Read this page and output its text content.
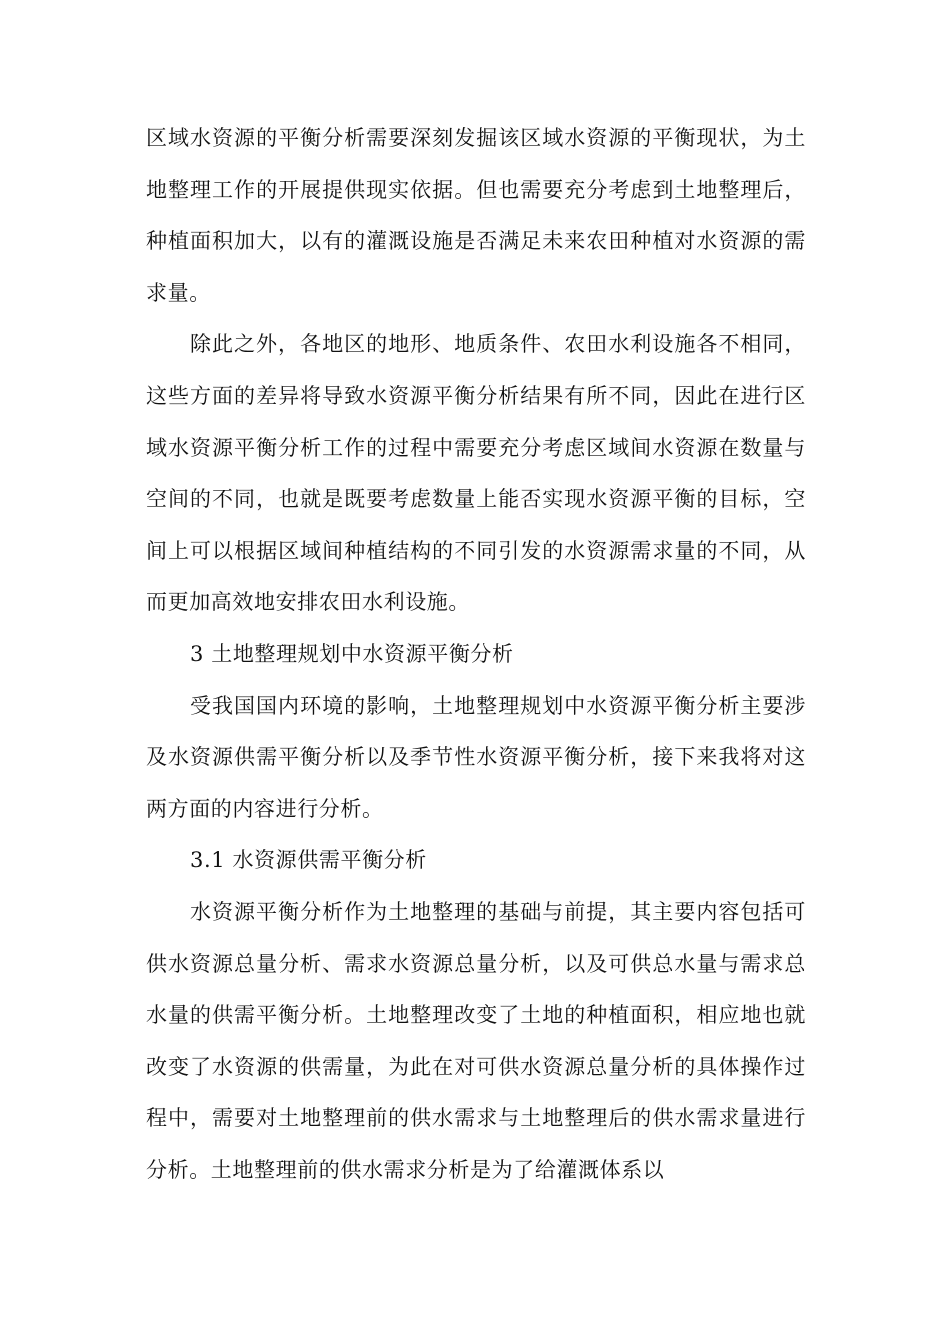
区域水资源的平衡分析需要深刻发掘该区域水资源的平衡现状，为土地整理工作的开展提供现实依据。但也需要充分考虑到土地整理后，种植面积加大，以有的灌溉设施是否满足未来农田种植对水资源的需求量。

除此之外，各地区的地形、地质条件、农田水利设施各不相同，这些方面的差异将导致水资源平衡分析结果有所不同，因此在进行区域水资源平衡分析工作的过程中需要充分考虑区域间水资源在数量与空间的不同，也就是既要考虑数量上能否实现水资源平衡的目标，空间上可以根据区域间种植结构的不同引发的水资源需求量的不同，从而更加高效地安排农田水利设施。

3 土地整理规划中水资源平衡分析

受我国国内环境的影响，土地整理规划中水资源平衡分析主要涉及水资源供需平衡分析以及季节性水资源平衡分析，接下来我将对这两方面的内容进行分析。

3.1 水资源供需平衡分析

水资源平衡分析作为土地整理的基础与前提，其主要内容包括可供水资源总量分析、需求水资源总量分析，以及可供总水量与需求总水量的供需平衡分析。土地整理改变了土地的种植面积，相应地也就改变了水资源的供需量，为此在对可供水资源总量分析的具体操作过程中，需要对土地整理前的供水需求与土地整理后的供水需求量进行分析。土地整理前的供水需求分析是为了给灌溉体系以
